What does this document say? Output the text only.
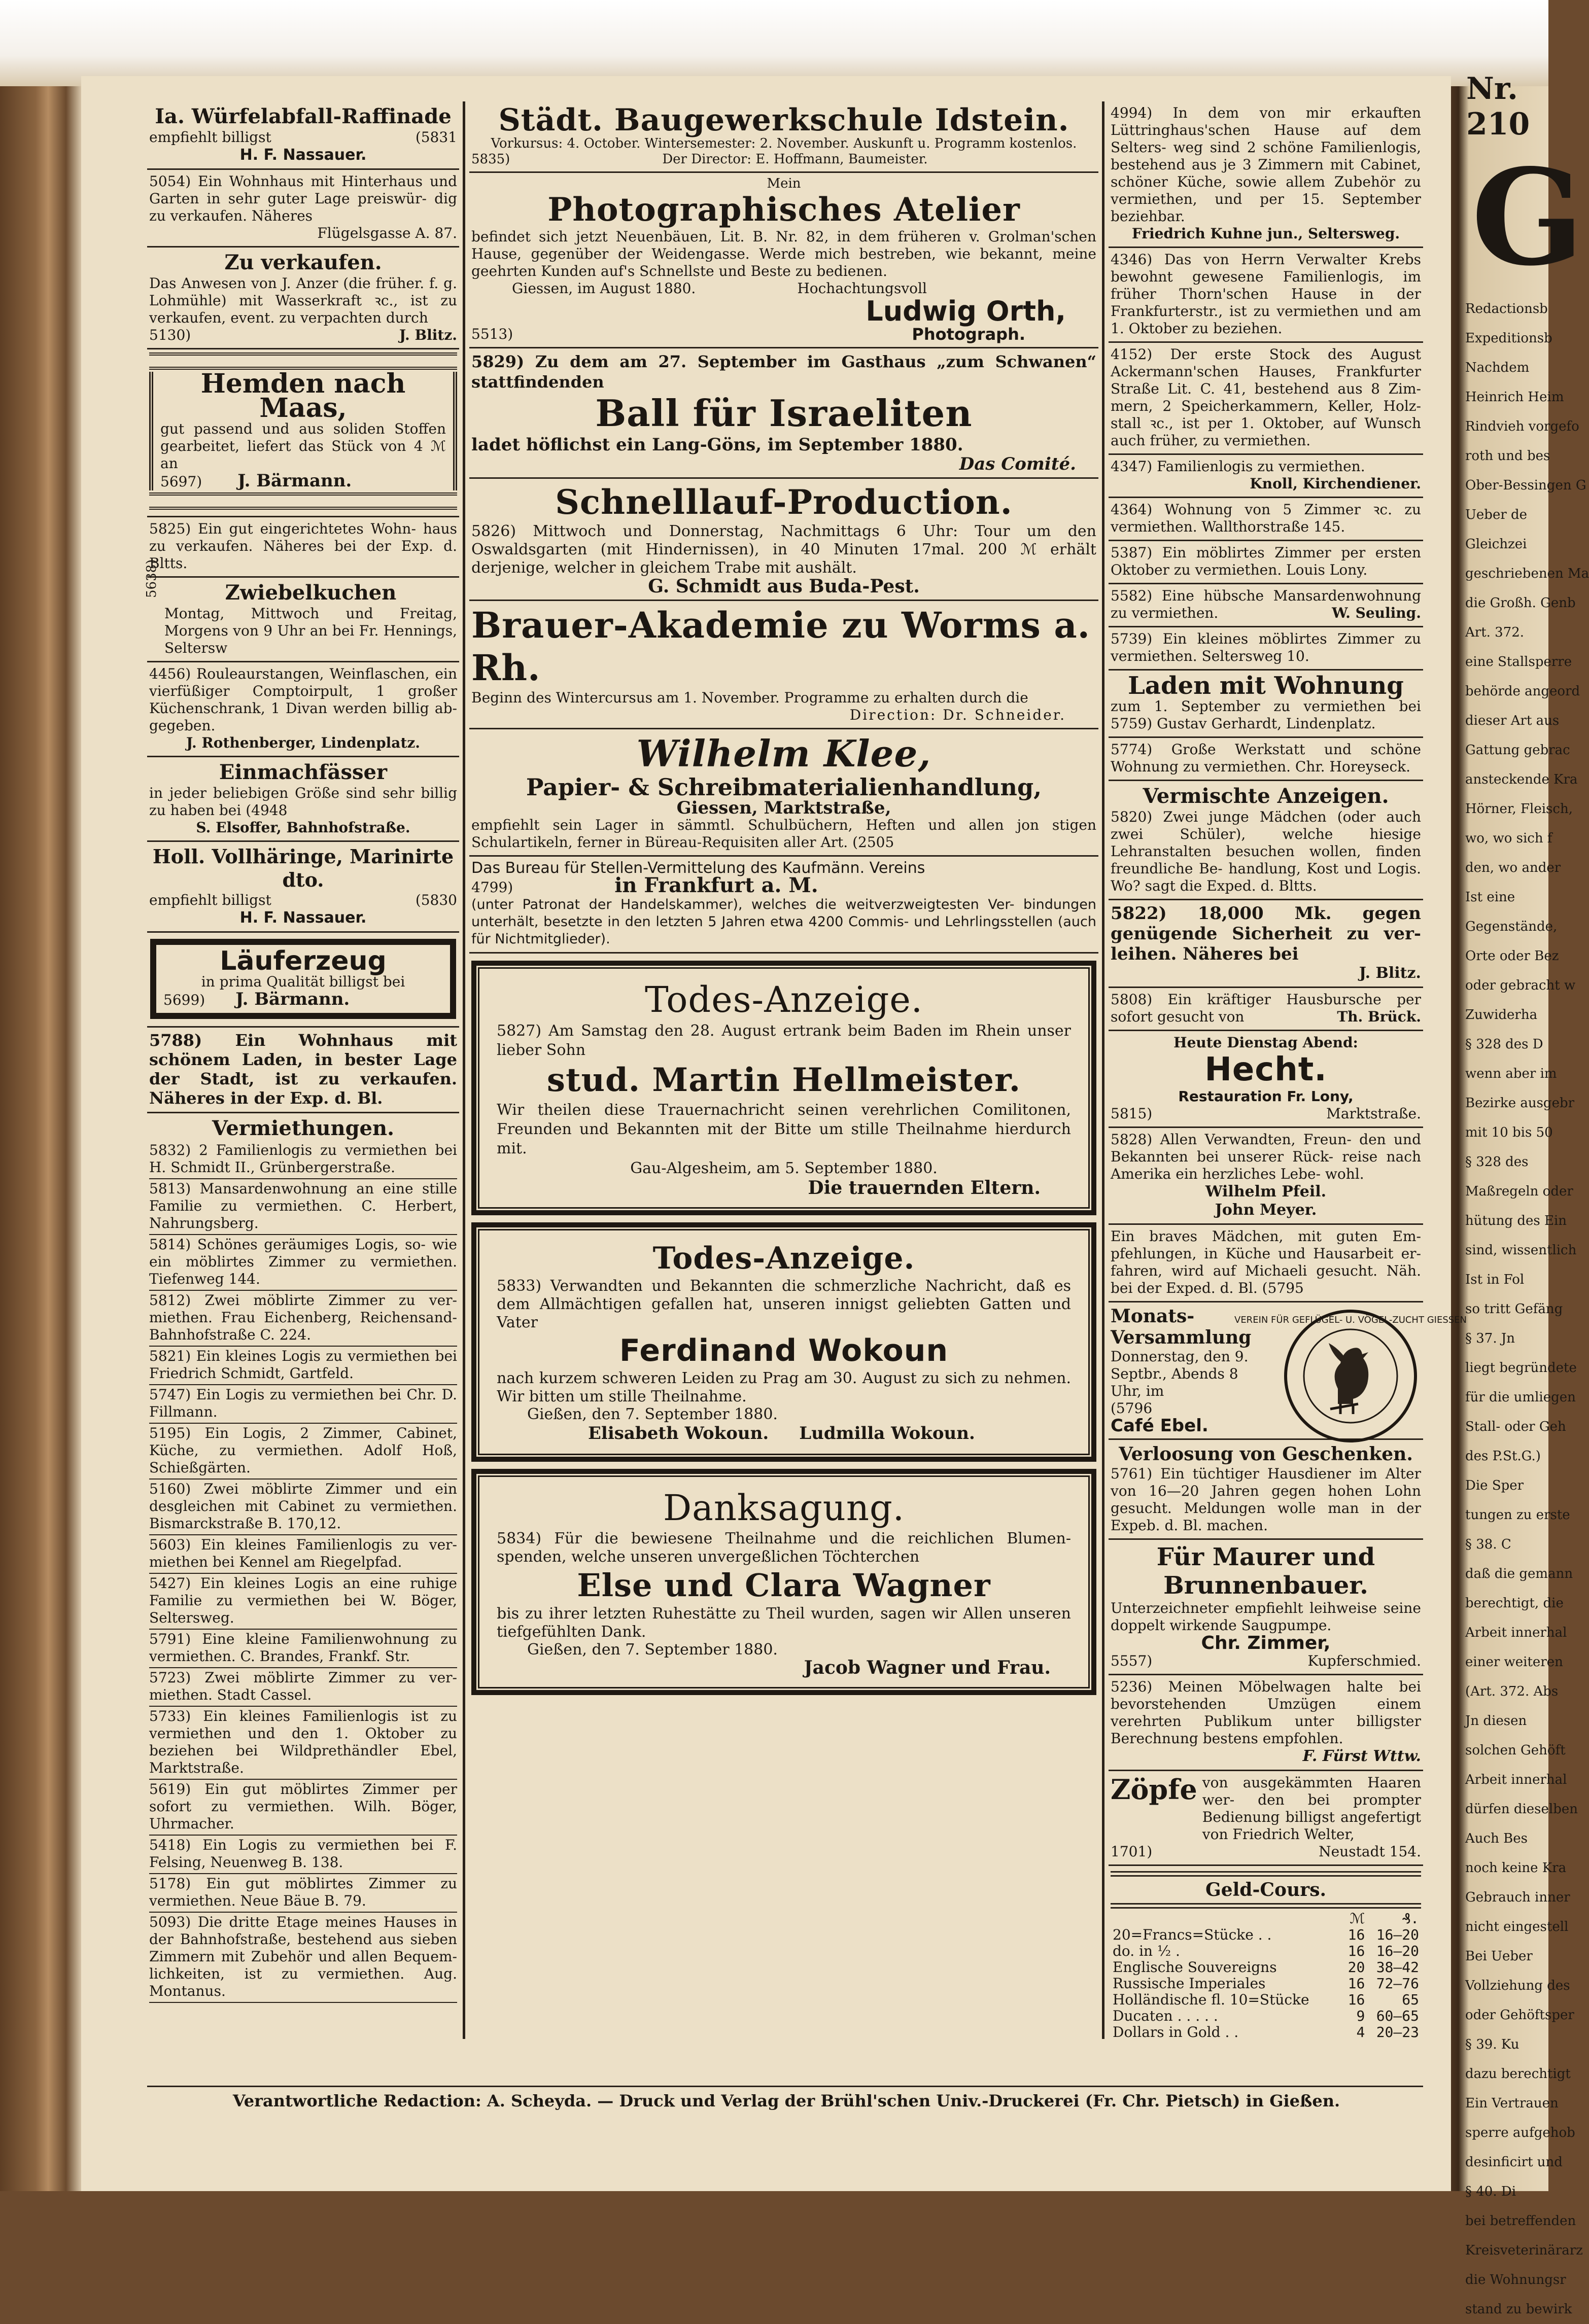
Ia. Würfelabfall-Raffinade
empfiehlt billigst	(5831
H. F. Nassauer.
5054) Ein Wohnhaus mit Hinterhaus und Garten in sehr guter Lage preiswür- dig zu verkaufen. Näheres
Flügelsgasse A. 87.
Zu verkaufen.
Das Anwesen von J. Anzer (die früher. f. g. Lohmühle) mit Wasserkraft ꝛc., ist zu verkaufen, event. zu verpachten durch
5130)	J. Blitz.
Hemden nach Maas,
gut passend und aus soliden Stoffen gearbeitet, liefert das Stück von 4 ℳ an
5697) J. Bärmann.
5825) Ein gut eingerichtetes Wohn- haus zu verkaufen. Näheres bei der Exp. d. Bltts.
5638)	Zwiebelkuchen
Montag, Mittwoch und Freitag, Morgens von 9 Uhr an bei Fr. Hennings, Seltersw
4456) Rouleaurstangen, Weinflaschen, ein vierfüßiger Comptoirpult, 1 großer Küchenschrank, 1 Divan werden billig ab- gegeben.
J. Rothenberger, Lindenplatz.
Einmachfässer
in jeder beliebigen Größe sind sehr billig zu haben bei (4948
S. Elsoffer, Bahnhofstraße.
Holl. Vollhäringe, Marinirte dto.
empfiehlt billigst	(5830
H. F. Nassauer.
Läuferzeug
in prima Qualität billigst bei
5699) J. Bärmann.
5788) Ein Wohnhaus mit schönem Laden, in bester Lage der Stadt, ist zu verkaufen. Näheres in der Exp. d. Bl.
Vermiethungen.
5832) 2 Familienlogis zu vermiethen bei H. Schmidt II., Grünbergerstraße.
5813) Mansardenwohnung an eine stille Familie zu vermiethen. C. Herbert, Nahrungsberg.
5814) Schönes geräumiges Logis, so- wie ein möblirtes Zimmer zu vermiethen. Tiefenweg 144.
5812) Zwei möblirte Zimmer zu ver- miethen. Frau Eichenberg, Reichensand-Bahnhofstraße C. 224.
5821) Ein kleines Logis zu vermiethen bei Friedrich Schmidt, Gartfeld.
5747) Ein Logis zu vermiethen bei Chr. D. Fillmann.
5195) Ein Logis, 2 Zimmer, Cabinet, Küche, zu vermiethen. Adolf Hoß, Schießgärten.
5160) Zwei möblirte Zimmer und ein desgleichen mit Cabinet zu vermiethen. Bismarckstraße B. 170,12.
5603) Ein kleines Familienlogis zu ver- miethen bei Kennel am Riegelpfad.
5427) Ein kleines Logis an eine ruhige Familie zu vermiethen bei W. Böger, Seltersweg.
5791) Eine kleine Familienwohnung zu vermiethen. C. Brandes, Frankf. Str.
5723) Zwei möblirte Zimmer zu ver- miethen. Stadt Cassel.
5733) Ein kleines Familienlogis ist zu vermiethen und den 1. Oktober zu beziehen bei Wildprethändler Ebel, Marktstraße.
5619) Ein gut möblirtes Zimmer per sofort zu vermiethen. Wilh. Böger, Uhrmacher.
5418) Ein Logis zu vermiethen bei F. Felsing, Neuenweg B. 138.
5178) Ein gut möblirtes Zimmer zu vermiethen. Neue Bäue B. 79.
5093) Die dritte Etage meines Hauses in der Bahnhofstraße, bestehend aus sieben Zimmern mit Zubehör und allen Bequem- lichkeiten, ist zu vermiethen. Aug. Montanus.
Städt. Baugewerkschule Idstein.
Vorkursus: 4. October. Wintersemester: 2. November. Auskunft u. Programm kostenlos.
5835)	Der Director: E. Hoffmann, Baumeister.
Mein
Photographisches Atelier
befindet sich jetzt Neuenbäuen, Lit. B. Nr. 82, in dem früheren v. Grolman'schen Hause, gegenüber der Weidengasse. Werde mich bestreben, wie bekannt, meine geehrten Kunden auf's Schnellste und Beste zu bedienen.
Giessen, im August 1880.	Hochachtungsvoll
Ludwig Orth,
5513)	Photograph.
5829) Zu dem am 27. September im Gasthaus „zum Schwanen“ stattfindenden
Ball für Israeliten
ladet höflichst ein Lang-Göns, im September 1880.
Das Comité.
Schnelllauf-Production.
5826) Mittwoch und Donnerstag, Nachmittags 6 Uhr: Tour um den Oswaldsgarten (mit Hindernissen), in 40 Minuten 17mal. 200 ℳ erhält derjenige, welcher in gleichem Trabe mit aushält.
G. Schmidt aus Buda-Pest.
Brauer-Akademie zu Worms a. Rh.
Beginn des Wintercursus am 1. November. Programme zu erhalten durch die
Direction: Dr. Schneider.
Wilhelm Klee,
Papier- & Schreibmaterialienhandlung,
Giessen, Marktstraße,
empfiehlt sein Lager in sämmtl. Schulbüchern, Heften und allen jon stigen Schulartikeln, ferner in Büreau-Requisiten aller Art. (2505
Das Bureau für Stellen-Vermittelung des Kaufmänn. Vereins
4799)	in Frankfurt a. M.
(unter Patronat der Handelskammer), welches die weitverzweigtesten Ver- bindungen unterhält, besetzte in den letzten 5 Jahren etwa 4200 Commis- und Lehrlingsstellen (auch für Nichtmitglieder).
Todes-Anzeige.
5827) Am Samstag den 28. August ertrank beim Baden im Rhein unser lieber Sohn
stud. Martin Hellmeister.
Wir theilen diese Trauernachricht seinen verehrlichen Comilitonen, Freunden und Bekannten mit der Bitte um stille Theilnahme hierdurch mit.
Gau-Algesheim, am 5. September 1880.
Die trauernden Eltern.
Todes-Anzeige.
5833) Verwandten und Bekannten die schmerzliche Nachricht, daß es dem Allmächtigen gefallen hat, unseren innigst geliebten Gatten und Vater
Ferdinand Wokoun
nach kurzem schweren Leiden zu Prag am 30. August zu sich zu nehmen. Wir bitten um stille Theilnahme.
Gießen, den 7. September 1880.
Elisabeth Wokoun. Ludmilla Wokoun.
Danksagung.
5834) Für die bewiesene Theilnahme und die reichlichen Blumen- spenden, welche unseren unvergeßlichen Töchterchen
Else und Clara Wagner
bis zu ihrer letzten Ruhestätte zu Theil wurden, sagen wir Allen unseren tiefgefühlten Dank.
Gießen, den 7. September 1880.
Jacob Wagner und Frau.
4994) In dem von mir erkauften Lüttringhaus'schen Hause auf dem Selters- weg sind 2 schöne Familienlogis, bestehend aus je 3 Zimmern mit Cabinet, schöner Küche, sowie allem Zubehör zu vermiethen, und per 15. September beziehbar.
Friedrich Kuhne jun., Seltersweg.
4346) Das von Herrn Verwalter Krebs bewohnt gewesene Familienlogis, im früher Thorn'schen Hause in der Frankfurterstr., ist zu vermiethen und am 1. Oktober zu beziehen.
4152) Der erste Stock des August Ackermann'schen Hauses, Frankfurter Straße Lit. C. 41, bestehend aus 8 Zim- mern, 2 Speicherkammern, Keller, Holz- stall ꝛc., ist per 1. Oktober, auf Wunsch auch früher, zu vermiethen.
4347) Familienlogis zu vermiethen.
Knoll, Kirchendiener.
4364) Wohnung von 5 Zimmer ꝛc. zu vermiethen. Wallthorstraße 145.
5387) Ein möblirtes Zimmer per ersten Oktober zu vermiethen. Louis Lony.
5582) Eine hübsche Mansardenwohnung zu vermiethen.	W. Seuling.
5739) Ein kleines möblirtes Zimmer zu vermiethen. Seltersweg 10.
Laden mit Wohnung
zum 1. September zu vermiethen bei 5759) Gustav Gerhardt, Lindenplatz.
5774) Große Werkstatt und schöne Wohnung zu vermiethen. Chr. Horeyseck.
Vermischte Anzeigen.
5820) Zwei junge Mädchen (oder auch zwei Schüler), welche hiesige Lehranstalten besuchen wollen, finden freundliche Be- handlung, Kost und Logis. Wo? sagt die Exped. d. Bltts.
5822) 18,000 Mk. gegen genügende Sicherheit zu ver- leihen. Näheres bei
J. Blitz.
5808) Ein kräftiger Hausbursche per sofort gesucht von	Th. Brück.
Heute Dienstag Abend:
Hecht.
Restauration Fr. Lony,
5815)	Marktstraße.
5828) Allen Verwandten, Freun- den und Bekannten bei unserer Rück- reise nach Amerika ein herzliches Lebe- wohl.
Wilhelm Pfeil.
John Meyer.
Ein braves Mädchen, mit guten Em- pfehlungen, in Küche und Hausarbeit er- fahren, wird auf Michaeli gesucht. Näh. bei der Exped. d. Bl. (5795
Monats-Versammlung
Donnerstag, den 9. Septbr., Abends 8 Uhr, im
(5796
Café Ebel.
VEREIN FÜR GEFLÜGEL- U. VÖGEL-ZUCHT GIESSEN
Verloosung von Geschenken.
5761) Ein tüchtiger Hausdiener im Alter von 16—20 Jahren gegen hohen Lohn gesucht. Meldungen wolle man in der Expeb. d. Bl. machen.
Für Maurer und Brunnenbauer.
Unterzeichneter empfiehlt leihweise seine doppelt wirkende Saugpumpe.
Chr. Zimmer,
5557)	Kupferschmied.
5236) Meinen Möbelwagen halte bei bevorstehenden Umzügen einem verehrten Publikum unter billigster Berechnung bestens empfohlen.
F. Fürst Wttw.
Zöpfe von ausgekämmten Haaren wer- den bei prompter Bedienung billigst angefertigt von Friedrich Welter,
1701)	Neustadt 154.
Geld-Cours.
	ℳ	₰.
20=Francs=Stücke . .	16	16—20
do. in ½ .	16	16—20
Englische Souvereigns	20	38—42
Russische Imperiales	16	72—76
Holländische fl. 10=Stücke	16	65
Ducaten . . . . .	9	60—65
Dollars in Gold . .	4	20—23
Verantwortliche Redaction: A. Scheyda. — Druck und Verlag der Brühl'schen Univ.-Druckerei (Fr. Chr. Pietsch) in Gießen.
Nr. 210
G
Redactionsb
Expeditionsb
Nachdem
Heinrich Heim
Rindvieh vorgefo
roth und bes
Ober-Bessingen G
Ueber de
Gleichzei
geschriebenen Ma
die Großh. Genb
Art. 372.
eine Stallsperre
behörde angeord
dieser Art aus
Gattung gebrac
ansteckende Kra
Hörner, Fleisch,
wo, wo sich f
den, wo ander
Ist eine
Gegenstände,
Orte oder Bez
oder gebracht w
Zuwiderha
§ 328 des D
wenn aber im
Bezirke ausgebr
mit 10 bis 50
§ 328 des
Maßregeln oder
hütung des Ein
sind, wissentlich
Ist in Fol
so tritt Gefäng
§ 37. Jn
liegt begründete
für die umliegen
Stall- oder Geh
des P.St.G.)
Die Sper
tungen zu erste
§ 38. C
daß die gemann
berechtigt, die
Arbeit innerhal
einer weiteren
(Art. 372. Abs
Jn diesen
solchen Gehöft
Arbeit innerhal
dürfen dieselben
Auch Bes
noch keine Kra
Gebrauch inner
nicht eingestell
Bei Ueber
Vollziehung des
oder Gehöftsper
§ 39. Ku
dazu berechtigt
Ein Vertrauen
sperre aufgehob
desinficirt und
§ 40. Di
bei betreffenden
Kreisveterinärarz
die Wohnungsr
stand zu bewirk
